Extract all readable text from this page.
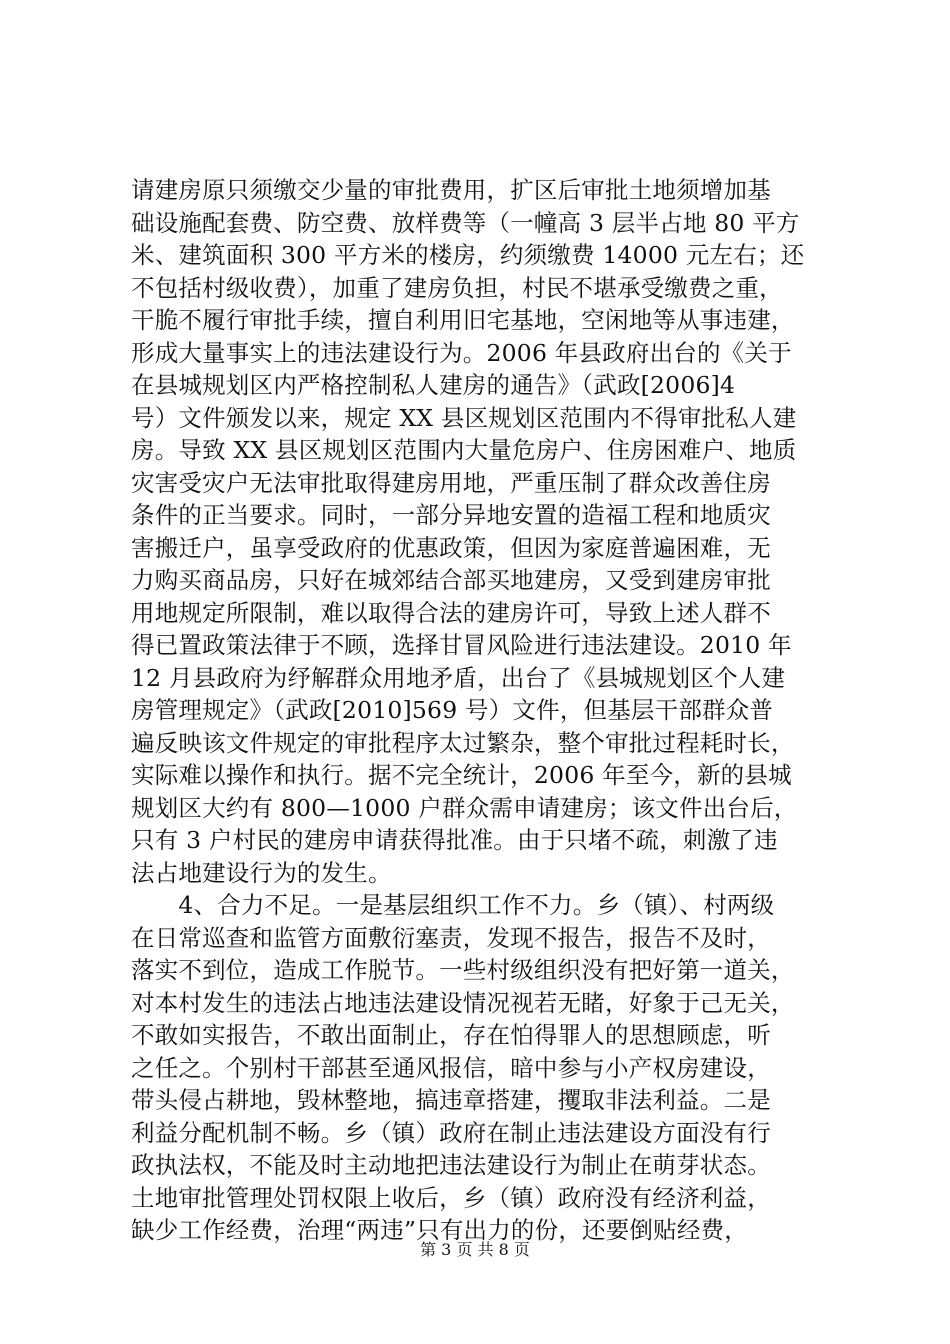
请建房原只须缴交少量的审批费用，扩区后审批土地须增加基
础设施配套费、防空费、放样费等（一幢高 3 层半占地 80 平方
米、建筑面积 300 平方米的楼房，约须缴费 14000 元左右；还
不包括村级收费），加重了建房负担，村民不堪承受缴费之重，
干脆不履行审批手续，擅自利用旧宅基地，空闲地等从事违建，
形成大量事实上的违法建设行为。2006 年县政府出台的《关于
在县城规划区内严格控制私人建房的通告》（武政[2006]4
号）文件颁发以来，规定 XX 县区规划区范围内不得审批私人建
房。导致 XX 县区规划区范围内大量危房户、住房困难户、地质
灾害受灾户无法审批取得建房用地，严重压制了群众改善住房
条件的正当要求。同时，一部分异地安置的造福工程和地质灾
害搬迁户，虽享受政府的优惠政策，但因为家庭普遍困难，无
力购买商品房，只好在城郊结合部买地建房，又受到建房审批
用地规定所限制，难以取得合法的建房许可，导致上述人群不
得已置政策法律于不顾，选择甘冒风险进行违法建设。2010 年
12 月县政府为纾解群众用地矛盾，出台了《县城规划区个人建
房管理规定》（武政[2010]569 号）文件，但基层干部群众普
遍反映该文件规定的审批程序太过繁杂，整个审批过程耗时长，
实际难以操作和执行。据不完全统计，2006 年至今，新的县城
规划区大约有 800—1000 户群众需申请建房；该文件出台后，
只有 3 户村民的建房申请获得批准。由于只堵不疏，刺激了违
法占地建设行为的发生。
　　4、合力不足。一是基层组织工作不力。乡（镇）、村两级
在日常巡查和监管方面敷衍塞责，发现不报告，报告不及时，
落实不到位，造成工作脱节。一些村级组织没有把好第一道关，
对本村发生的违法占地违法建设情况视若无睹，好象于己无关，
不敢如实报告，不敢出面制止，存在怕得罪人的思想顾虑，听
之任之。个别村干部甚至通风报信，暗中参与小产权房建设，
带头侵占耕地，毁林整地，搞违章搭建，攫取非法利益。二是
利益分配机制不畅。乡（镇）政府在制止违法建设方面没有行
政执法权，不能及时主动地把违法建设行为制止在萌芽状态。
土地审批管理处罚权限上收后，乡（镇）政府没有经济利益，
缺少工作经费，治理“两违”只有出力的份，还要倒贴经费，
第 3 页 共 8 页
